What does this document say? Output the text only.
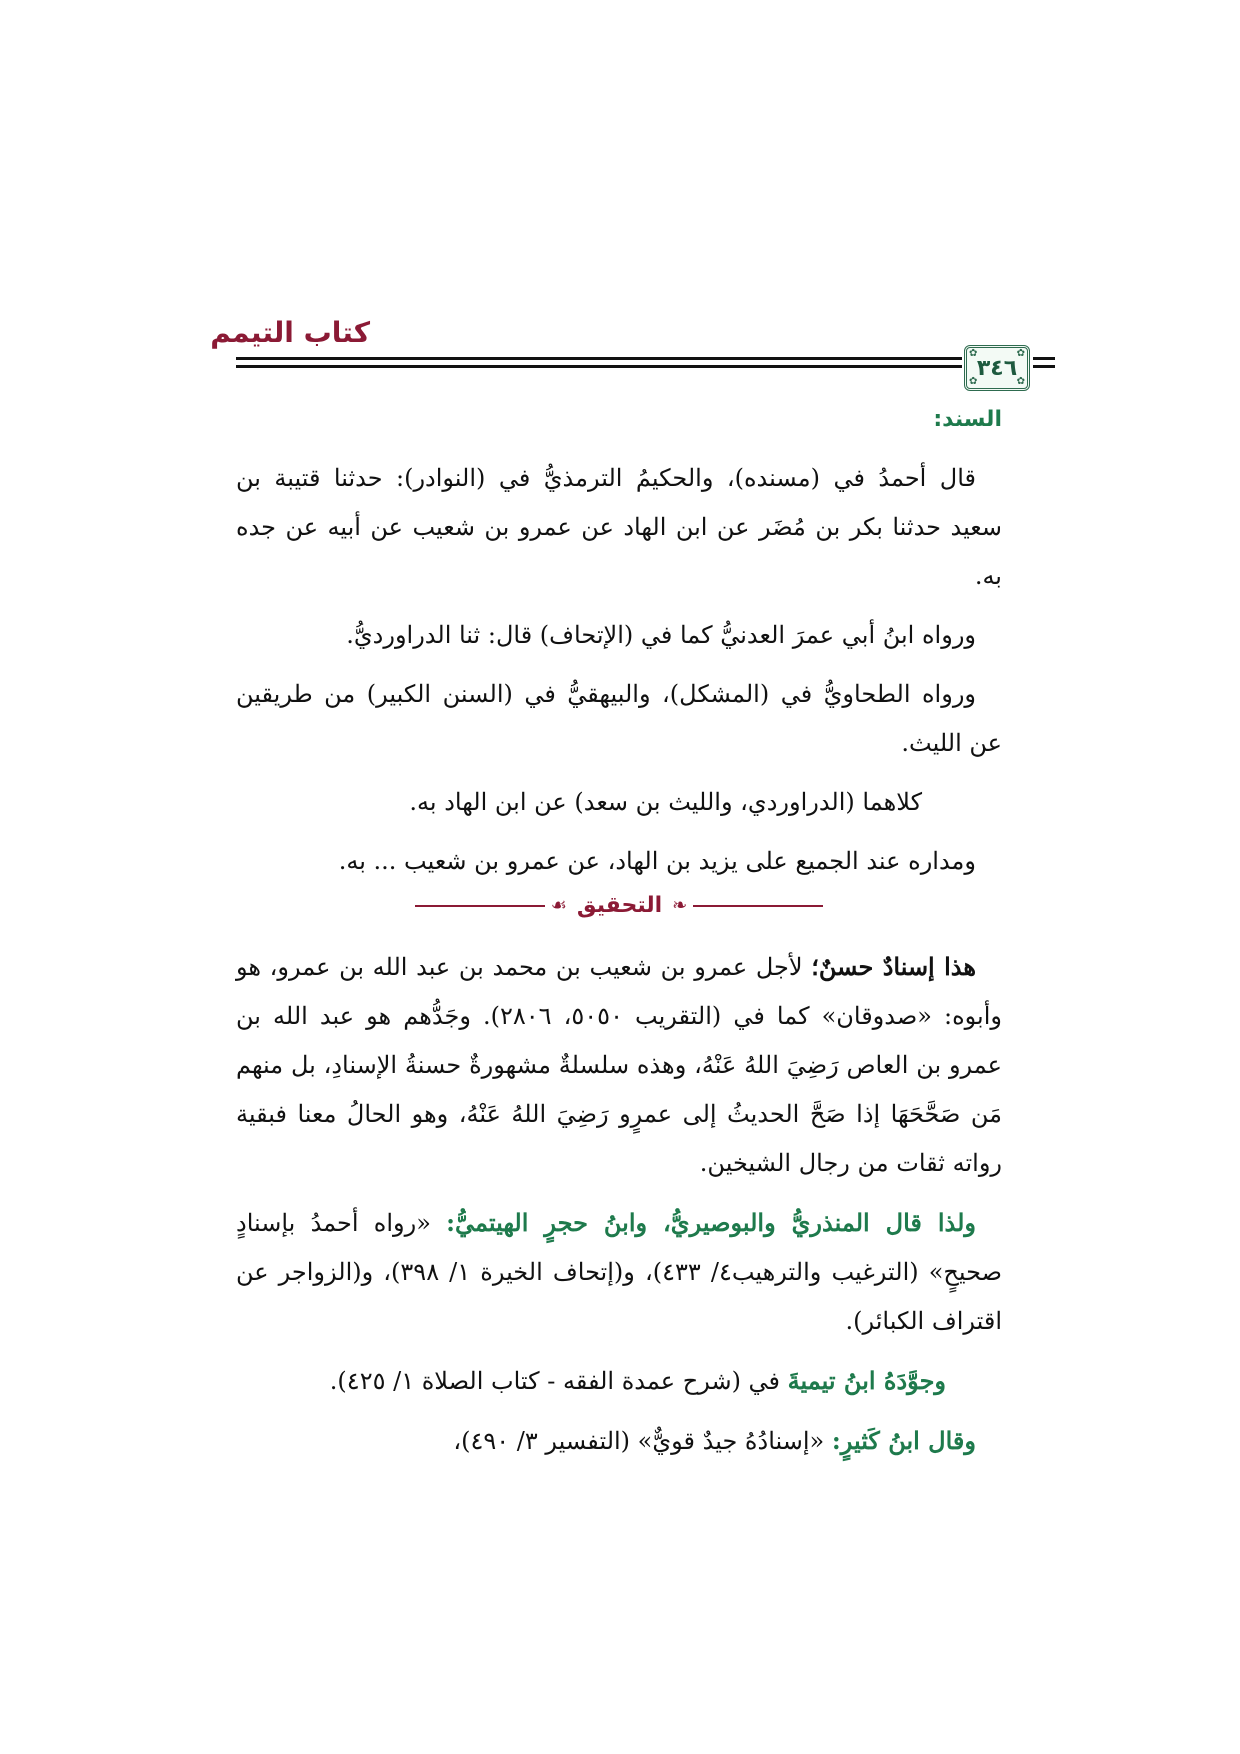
كتاب التيمم
✿	✿
✿	✿
٣٤٦

السند:

قال أحمدُ في (مسنده)، والحكيمُ الترمذيُّ في (النوادر): حدثنا قتيبة بن سعيد حدثنا بكر بن مُضَر عن ابن الهاد عن عمرو بن شعيب عن أبيه عن جده به.

ورواه ابنُ أبي عمرَ العدنيُّ كما في (الإتحاف) قال: ثنا الدراورديُّ.

ورواه الطحاويُّ في (المشكل)، والبيهقيُّ في (السنن الكبير) من طريقين عن الليث.

كلاهما (الدراوردي، والليث بن سعد) عن ابن الهاد به.

ومداره عند الجميع على يزيد بن الهاد، عن عمرو بن شعيب ... به.

❧
التحقيق
☙

هذا إسنادٌ حسنٌ؛ لأجل عمرو بن شعيب بن محمد بن عبد الله بن عمرو، هو وأبوه: «صدوقان» كما في (التقريب ٥٠٥٠، ٢٨٠٦). وجَدُّهم هو عبد الله بن عمرو بن العاص رَضِيَ اللهُ عَنْهُ، وهذه سلسلةٌ مشهورةٌ حسنةُ الإسنادِ، بل منهم مَن صَحَّحَهَا إذا صَحَّ الحديثُ إلى عمرٍو رَضِيَ اللهُ عَنْهُ، وهو الحالُ معنا فبقية رواته ثقات من رجال الشيخين.

ولذا قال المنذريُّ والبوصيريُّ، وابنُ حجرٍ الهيتميُّ: «رواه أحمدُ بإسنادٍ صحيحٍ» (الترغيب والترهيب٤/ ٤٣٣)، و(إتحاف الخيرة ١/ ٣٩٨)، و(الزواجر عن اقتراف الكبائر).

وجوَّدَهُ ابنُ تيميةَ في (شرح عمدة الفقه - كتاب الصلاة ١/ ٤٢٥).

وقال ابنُ كَثيرٍ: «إسنادُهُ جيدٌ قويٌّ» (التفسير ٣/ ٤٩٠)،
